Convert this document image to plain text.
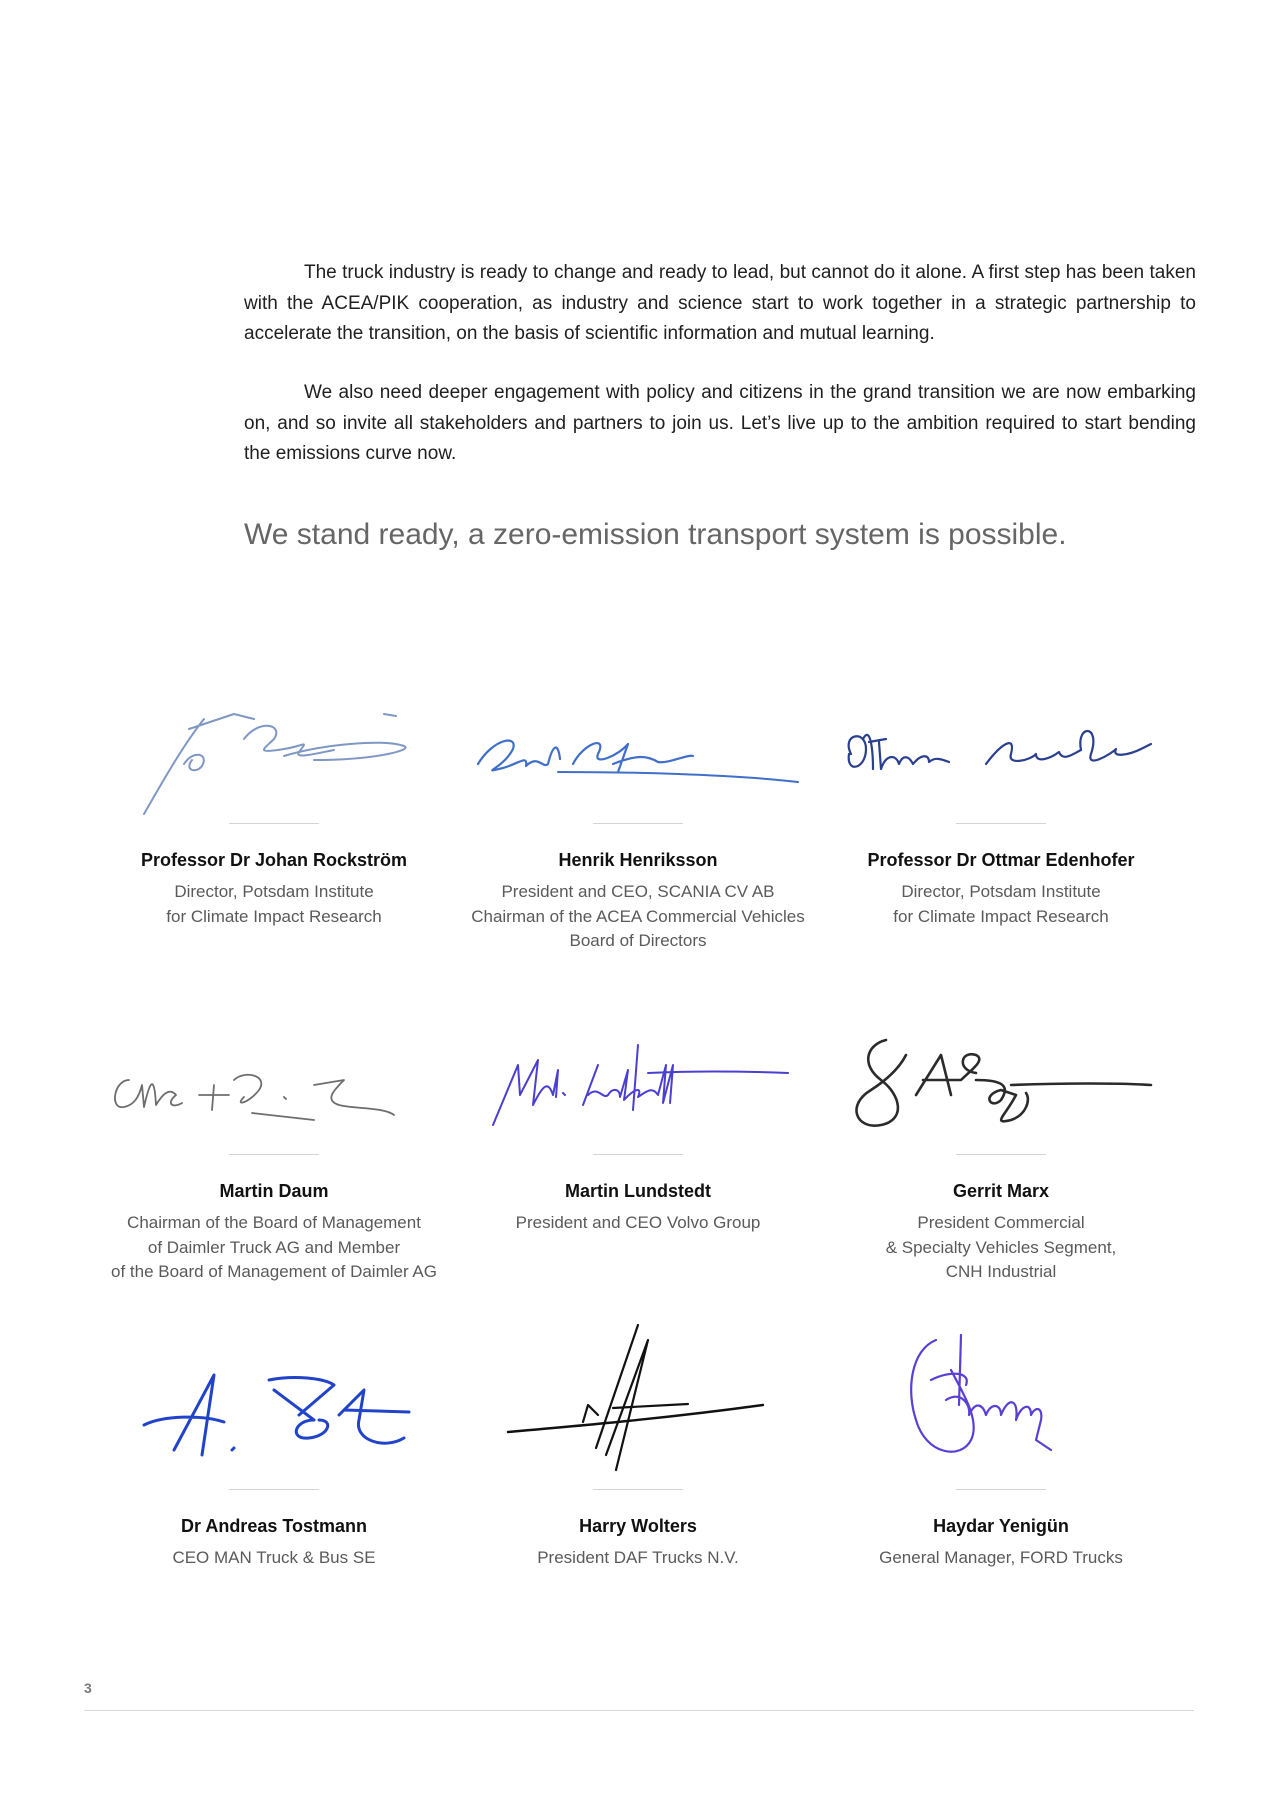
The truck industry is ready to change and ready to lead, but cannot do it alone. A first step has been taken with the ACEA/PIK cooperation, as industry and science start to work together in a strategic partnership to accelerate the transition, on the basis of scientific information and mutual learning.

We also need deeper engagement with policy and citizens in the grand transition we are now embarking on, and so invite all stakeholders and partners to join us. Let’s live up to the ambition required to start bending the emissions curve now.

We stand ready, a zero-emission transport system is possible.
Professor Dr Johan Rockström
Director, Potsdam Institute
for Climate Impact Research
Henrik Henriksson
President and CEO, SCANIA CV AB
Chairman of the ACEA Commercial Vehicles
Board of Directors
Professor Dr Ottmar Edenhofer
Director, Potsdam Institute
for Climate Impact Research
Martin Daum
Chairman of the Board of Management
of Daimler Truck AG and Member
of the Board of Management of Daimler AG
Martin Lundstedt
President and CEO Volvo Group
Gerrit Marx
President Commercial
& Specialty Vehicles Segment,
CNH Industrial
Dr Andreas Tostmann
CEO MAN Truck & Bus SE
Harry Wolters
President DAF Trucks N.V.
Haydar Yenigün
General Manager, FORD Trucks
3
